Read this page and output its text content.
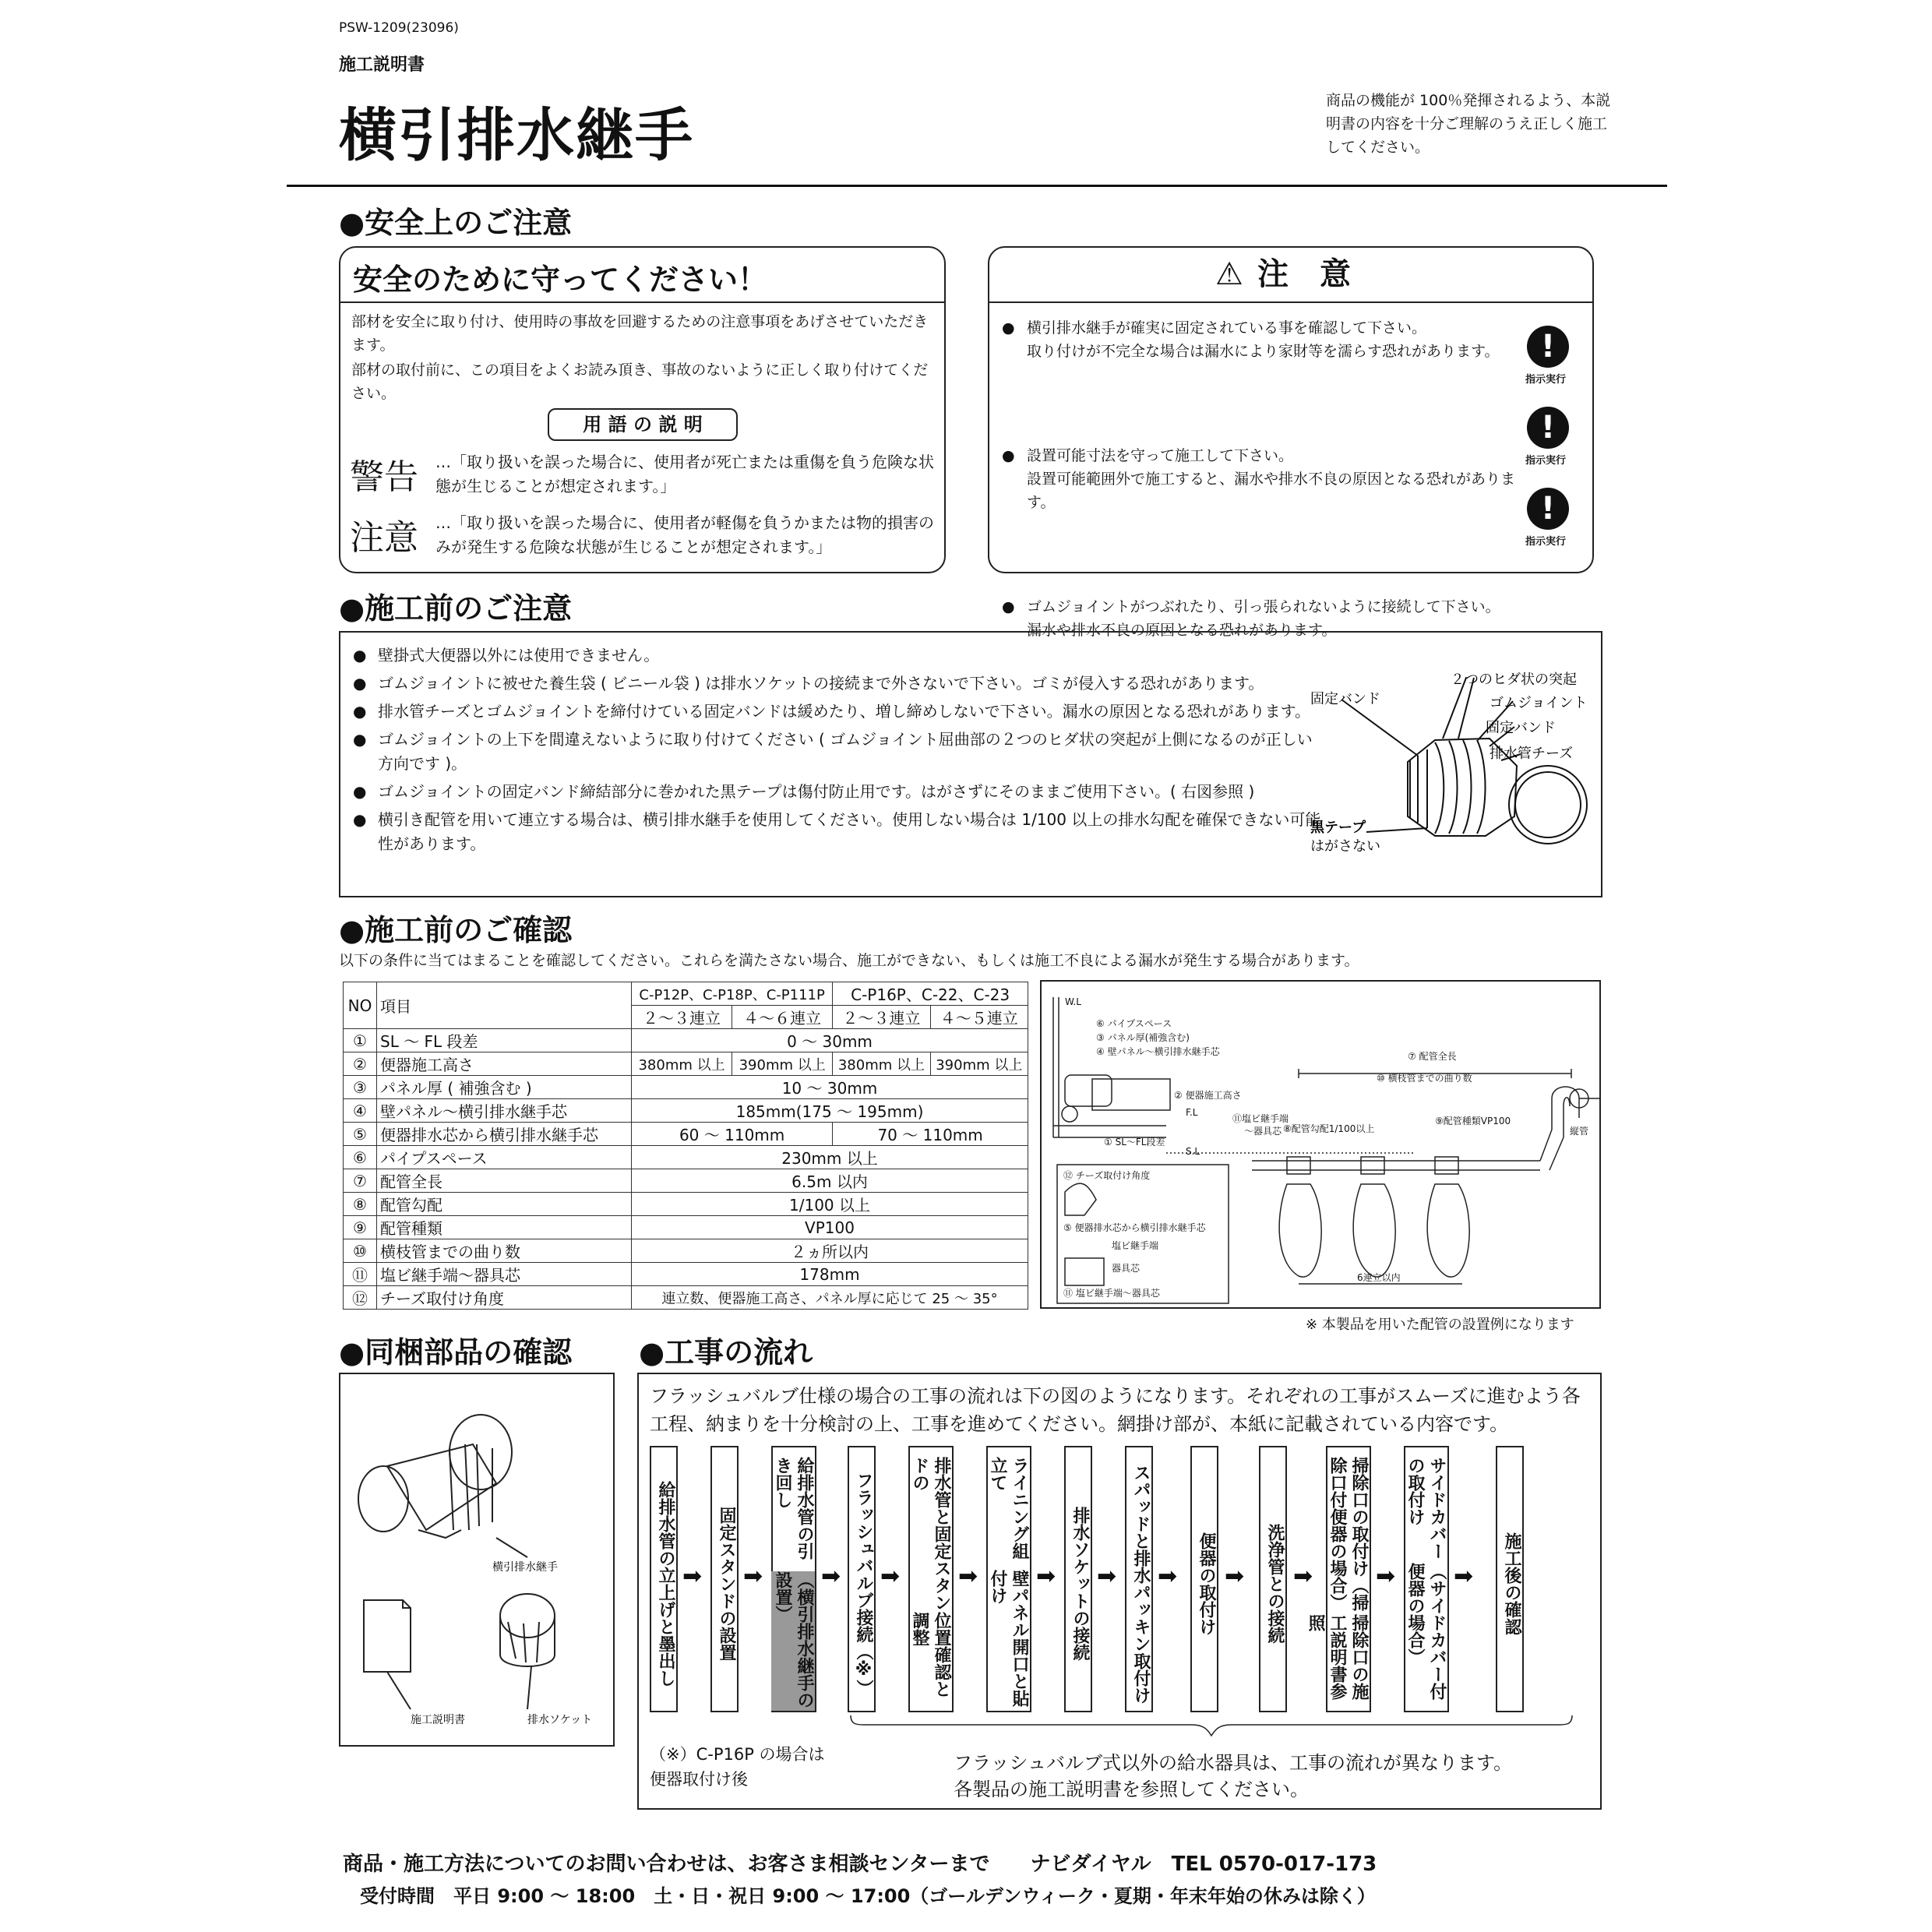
PSW-1209(23096)
施工説明書
横引排水継手
商品の機能が 100％発揮されるよう、本説明書の内容を十分ご理解のうえ正しく施工してください。
●安全上のご注意
安全のために守ってください！
部材を安全に取り付け、使用時の事故を回避するための注意事項をあげさせていただきます。
部材の取付前に、この項目をよくお読み頂き、事故のないように正しく取り付けてください。
用 語 の 説 明
警告 …「取り扱いを誤った場合に、使用者が死亡または重傷を負う危険な状態が生じることが想定されます。」
注意 …「取り扱いを誤った場合に、使用者が軽傷を負うかまたは物的損害のみが発生する危険な状態が生じることが想定されます。」
⚠ 注　意
● 横引排水継手が確実に固定されている事を確認して下さい。
取り付けが不完全な場合は漏水により家財等を濡らす恐れがあります。
● 設置可能寸法を守って施工して下さい。
設置可能範囲外で施工すると、漏水や排水不良の原因となる恐れがあります。
● ゴムジョイントがつぶれたり、引っ張られないように接続して下さい。
漏水や排水不良の原因となる恐れがあります。
!
指示実行
!
指示実行
!
指示実行
●施工前のご注意

● 壁掛式大便器以外には使用できません。

● ゴムジョイントに被せた養生袋 ( ビニール袋 ) は排水ソケットの接続まで外さないで下さい。ゴミが侵入する恐れがあります。

● 排水管チーズとゴムジョイントを締付けている固定バンドは緩めたり、増し締めしないで下さい。漏水の原因となる恐れがあります。

● ゴムジョイントの上下を間違えないように取り付けてください ( ゴムジョイント屈曲部の２つのヒダ状の突起が上側になるのが正しい方向です )。

● ゴムジョイントの固定バンド締結部分に巻かれた黒テープは傷付防止用です。はがさずにそのままご使用下さい。( 右図参照 )

● 横引き配管を用いて連立する場合は、横引排水継手を使用してください。使用しない場合は 1/100 以上の排水勾配を確保できない可能性があります。

２つのヒダ状の突起
固定バンド	ゴムジョイント
固定バンド
排水管チーズ
黒テープ
はがさない
●施工前のご確認
以下の条件に当てはまることを確認してください。これらを満たさない場合、施工ができない、もしくは施工不良による漏水が発生する場合があります。
NO	項目	C-P12P、C-P18P、C-P111P		C-P16P、C-22、C-23	
		２～３連立	４～６連立	２～３連立	４～５連立
①	SL ～ FL 段差	0 ～ 30mm			
②	便器施工高さ	380mm 以上	390mm 以上	380mm 以上	390mm 以上
③	パネル厚 ( 補強含む )	10 ～ 30mm			
④	壁パネル～横引排水継手芯	185mm(175 ～ 195mm)			
⑤	便器排水芯から横引排水継手芯	60 ～ 110mm		70 ～ 110mm	
⑥	パイプスペース	230mm 以上			
⑦	配管全長	6.5m 以内			
⑧	配管勾配	1/100 以上			
⑨	配管種類	VP100			
⑩	横枝管までの曲り数	２ヵ所以内			
⑪	塩ビ継手端～器具芯	178mm			
⑫	チーズ取付け角度	連立数、便器施工高さ、パネル厚に応じて 25 ～ 35°			
W.L
⑥ パイプスペース
③ パネル厚(補強含む)
④ 壁パネル～横引排水継手芯	⑦ 配管全長
⑩ 横枝管までの曲り数
② 便器施工高さ
F.L
① SL～FL段差
S.L
⑪塩ビ継手端
～器具芯 ⑧配管勾配1/100以上
⑨配管種類VP100
縦管
⑫ チーズ取付け角度
⑤ 便器排水芯から横引排水継手芯
塩ビ継手端
器具芯
⑪ 塩ビ継手端～器具芯
6連立以内
※ 本製品を用いた配管の設置例になります
●同梱部品の確認
横引排水継手
施工説明書	排水ソケット
●工事の流れ
フラッシュバルブ仕様の場合の工事の流れは下の図のようになります。それぞれの工事がスムーズに進むよう各工程、納まりを十分検討の上、工事を進めてください。網掛け部が、本紙に記載されている内容です。
給排水管の立上げと墨出し ➡ 固定スタンドの設置 ➡
給排水管の引き回し
（横引排水継手の設置）	➡ フラッシュバルブ接続（※） ➡	排水管と固定スタンドの
位置確認と調整
➡
ライニング組立て
壁パネル開口と貼付け	➡ 排水ソケットの接続 ➡ スパッドと排水パッキン取付け ➡ 便器の取付け ➡ 洗浄管との接続 ➡	掃除口の取付け（掃除口付便器の場合）
掃除口の施工説明書参照
➡
サイドカバーの取付け
（サイドカバー付便器の場合）	➡ 施工後の確認
（※）C-P16P の場合は
便器取付け後
フラッシュバルブ式以外の給水器具は、工事の流れが異なります。
各製品の施工説明書を参照してください。
商品・施工方法についてのお問い合わせは、お客さま相談センターまで　　ナビダイヤル　TEL 0570-017-173
受付時間　平日 9:00 ～ 18:00　土・日・祝日 9:00 ～ 17:00（ゴールデンウィーク・夏期・年末年始の休みは除く）
